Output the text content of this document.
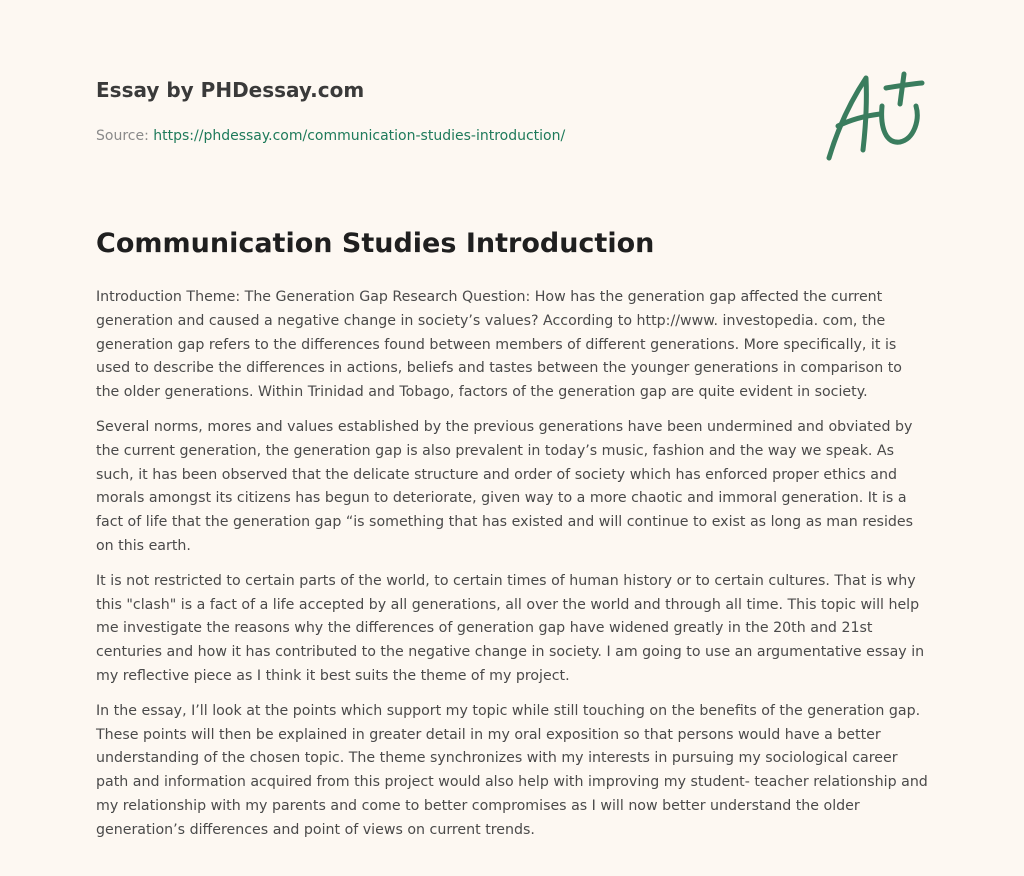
Essay by PHDessay.com
Source: https://phdessay.com/communication-studies-introduction/
Communication Studies Introduction

Introduction Theme: The Generation Gap Research Question: How has the generation gap affected the current generation and caused a negative change in society’s values? According to http://www. investopedia. com, the generation gap refers to the differences found between members of different generations. More specifically, it is used to describe the differences in actions, beliefs and tastes between the younger generations in comparison to the older generations. Within Trinidad and Tobago, factors of the generation gap are quite evident in society.

Several norms, mores and values established by the previous generations have been undermined and obviated by the current generation, the generation gap is also prevalent in today’s music, fashion and the way we speak. As such, it has been observed that the delicate structure and order of society which has enforced proper ethics and morals amongst its citizens has begun to deteriorate, given way to a more chaotic and immoral generation. It is a fact of life that the generation gap “is something that has existed and will continue to exist as long as man resides on this earth.

It is not restricted to certain parts of the world, to certain times of human history or to certain cultures. That is why this "clash" is a fact of a life accepted by all generations, all over the world and through all time. This topic will help me investigate the reasons why the differences of generation gap have widened greatly in the 20th and 21st centuries and how it has contributed to the negative change in society. I am going to use an argumentative essay in my reflective piece as I think it best suits the theme of my project.

In the essay, I’ll look at the points which support my topic while still touching on the benefits of the generation gap. These points will then be explained in greater detail in my oral exposition so that persons would have a better understanding of the chosen topic. The theme synchronizes with my interests in pursuing my sociological career path and information acquired from this project would also help with improving my student- teacher relationship and my relationship with my parents and come to better compromises as I will now better understand the older generation’s differences and point of views on current trends.
